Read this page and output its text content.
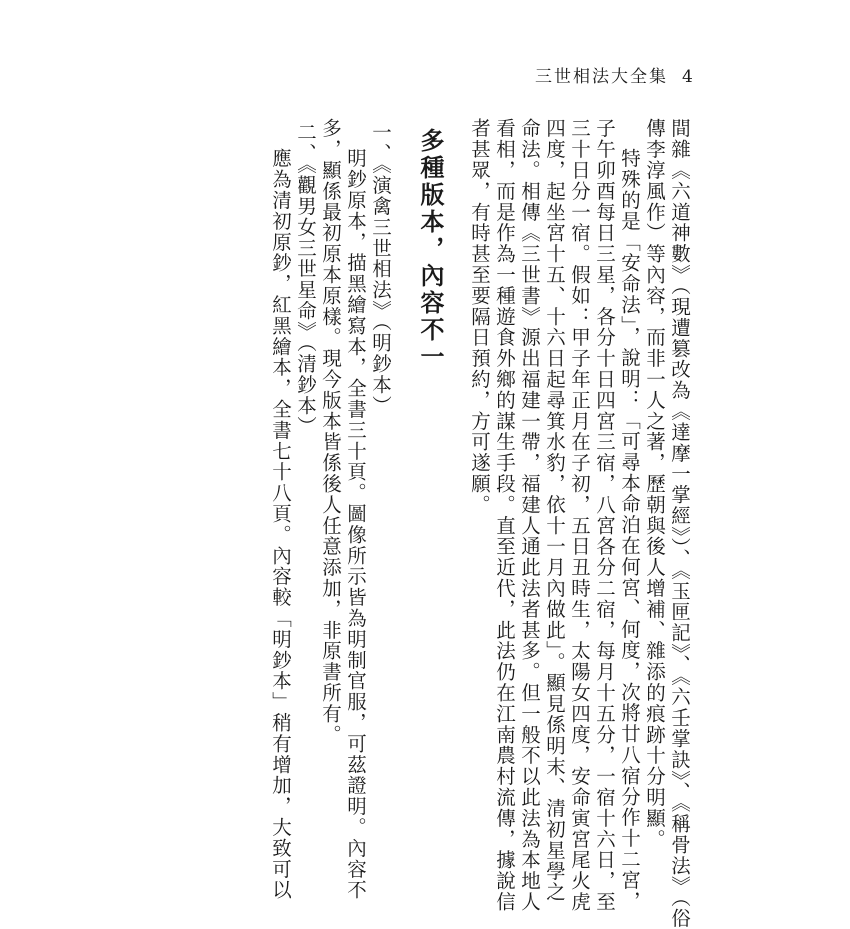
三世相法大全集 4
間雜《六道神數》（現遭篡改為《達摩一掌經》）、《玉匣記》、《六壬掌訣》、《稱骨法》（俗
傳李淳風作）等內容，而非一人之著，歷朝與後人增補、雜添的痕跡十分明顯。
特殊的是「安命法」，說明：「可尋本命泊在何宮、何度，次將廿八宿分作十二宮，
子午卯酉每日三星，各分十日四宮三宿，八宮各分二宿，每月十五分，一宿十六日，至
三十日分一宿。假如：甲子年正月在子初，五日丑時生，太陽女四度，安命寅宮尾火虎
四度，起坐宮十五、十六日起尋箕水豹，依十一月內做此」。顯見係明末、清初星學之
命法。相傳《三世書》源出福建一帶，福建人通此法者甚多。但一般不以此法為本地人
看相，而是作為一種遊食外鄉的謀生手段。直至近代，此法仍在江南農村流傳，據說信
者甚眾，有時甚至要隔日預約，方可遂願。
多種版本，內容不一
一、《演禽三世相法》（明鈔本）
明鈔原本，描黑繪寫本，全書三十頁。圖像所示皆為明制官服，可茲證明。內容不
多，顯係最初原本原樣。現今版本皆係後人任意添加，非原書所有。
二、《觀男女三世星命》（清鈔本）
應為清初原鈔，紅黑繪本，全書七十八頁。內容較「明鈔本」稍有增加，大致可以
